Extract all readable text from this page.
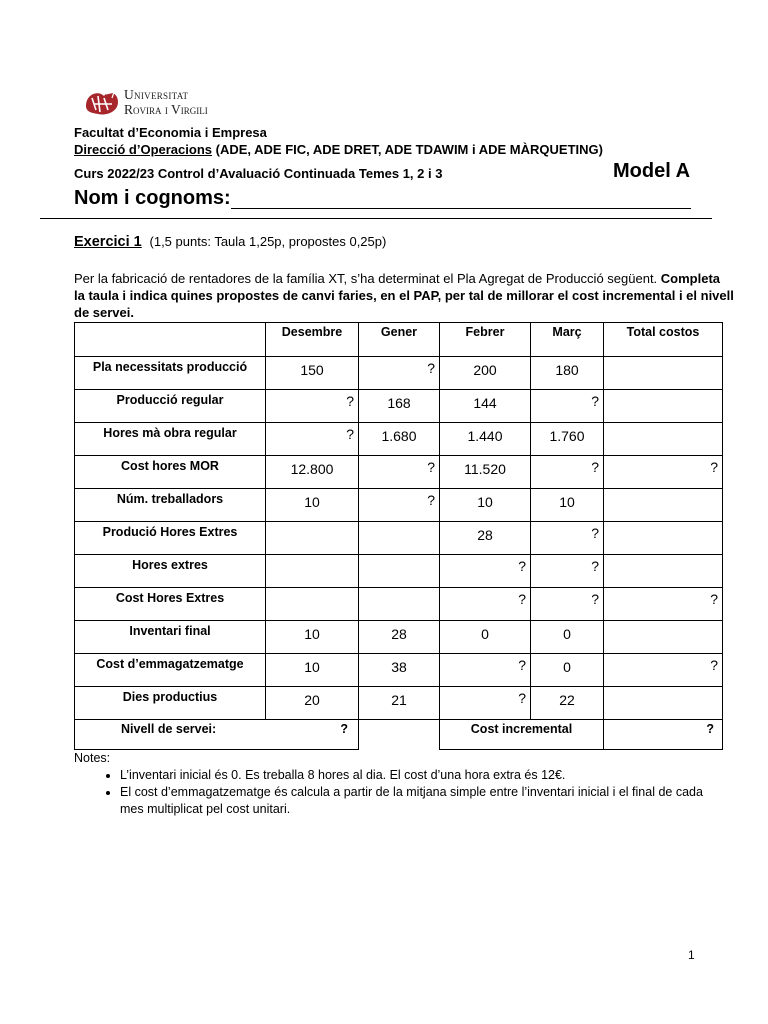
Universitat
Rovira i Virgili
Facultat d’Economia i Empresa
Direcció d’Operacions (ADE, ADE FIC, ADE DRET, ADE TDAWIM i ADE MÀRQUETING)
Curs 2022/23 Control d’Avaluació Continuada Temes 1, 2 i 3	Model A
Nom i cognoms:
Exercici 1 (1,5 punts: Taula 1,25p, propostes 0,25p)
Per la fabricació de rentadores de la família XT, s’ha determinat el Pla Agregat de Producció següent. Completa la taula i indica quines propostes de canvi faries, en el PAP, per tal de millorar el cost incremental i el nivell de servei.
	Desembre	Gener	Febrer	Març	Total costos
Pla necessitats producció	150	?	200	180	
Producció regular	?	168	144	?	
Hores mà obra regular	?	1.680	1.440	1.760	
Cost hores MOR	12.800	?	11.520	?	?
Núm. treballadors	10	?	10	10	
Produció Hores Extres			28	?	
Hores extres			?	?	
Cost Hores Extres			?	?	?
Inventari final	10	28	0	0	
Cost d’emmagatzematge	10	38	?	0	?
Dies productius	20	21	?	22	

Nivell de servei: ?			Cost incremental		?
Notes:
• L’inventari inicial és 0. Es treballa 8 hores al dia. El cost d’una hora extra és 12€.
• El cost d’emmagatzematge és calcula a partir de la mitjana simple entre l’inventari inicial i el final de cada mes multiplicat pel cost unitari.
1
